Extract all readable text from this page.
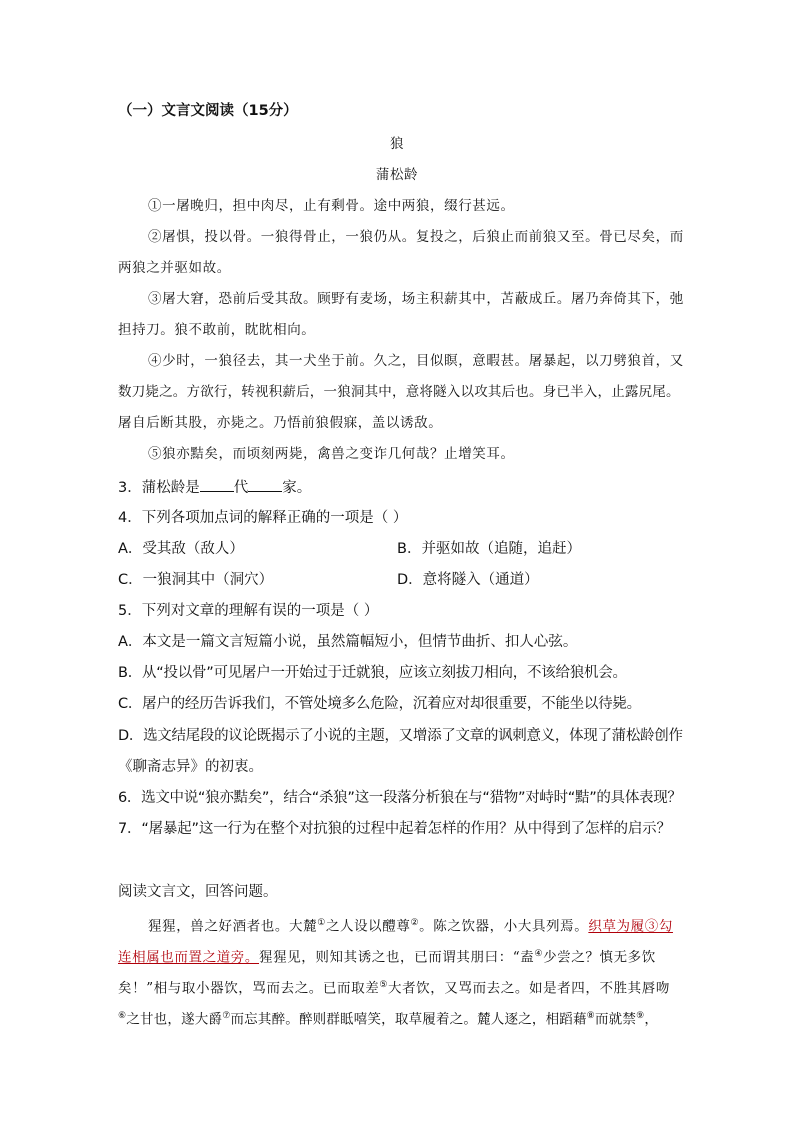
（一）文言文阅读（15分）
狼
蒲松龄
①一屠晚归，担中肉尽，止有剩骨。途中两狼，缀行甚远。
②屠惧，投以骨。一狼得骨止，一狼仍从。复投之，后狼止而前狼又至。骨已尽矣，而
两狼之并驱如故。
③屠大窘，恐前后受其敌。顾野有麦场，场主积薪其中，苫蔽成丘。屠乃奔倚其下，弛
担持刀。狼不敢前，眈眈相向。
④少时，一狼径去，其一犬坐于前。久之，目似瞑，意暇甚。屠暴起，以刀劈狼首，又
数刀毙之。方欲行，转视积薪后，一狼洞其中，意将隧入以攻其后也。身已半入，止露尻尾。
屠自后断其股，亦毙之。乃悟前狼假寐，盖以诱敌。
⑤狼亦黠矣，而顷刻两毙，禽兽之变诈几何哉？止增笑耳。
3．蒲松龄是 代 家。
4．下列各项加点词的解释正确的一项是（ ）
A．受其敌（敌人）	B．并驱如故（追随，追赶）
C．一狼洞其中（洞穴）	D．意将隧入（通道）
5．下列对文章的理解有误的一项是（ ）
A．本文是一篇文言短篇小说，虽然篇幅短小，但情节曲折、扣人心弦。
B．从“投以骨”可见屠户一开始过于迁就狼，应该立刻拔刀相向，不该给狼机会。
C．屠户的经历告诉我们，不管处境多么危险，沉着应对却很重要，不能坐以待毙。
D．选文结尾段的议论既揭示了小说的主题，又增添了文章的讽刺意义，体现了蒲松龄创作
《聊斋志异》的初衷。
6．选文中说“狼亦黠矣”，结合“杀狼”这一段落分析狼在与“猎物”对峙时“黠”的具体表现？
7．“屠暴起”这一行为在整个对抗狼的过程中起着怎样的作用？从中得到了怎样的启示？
阅读文言文，回答问题。
猩猩，兽之好酒者也。大麓①之人设以醴尊②。陈之饮器，小大具列焉。织草为履③勾
连相属也而置之道旁。猩猩见，则知其诱之也，已而谓其朋曰：“盍④少尝之？慎无多饮
矣！”相与取小器饮，骂而去之。已而取差⑤大者饮，又骂而去之。如是者四，不胜其唇吻
⑥之甘也，遂大爵⑦而忘其醉。醉则群眡嘻笑，取草履着之。麓人逐之，相蹈藉⑧而就禁⑨，
